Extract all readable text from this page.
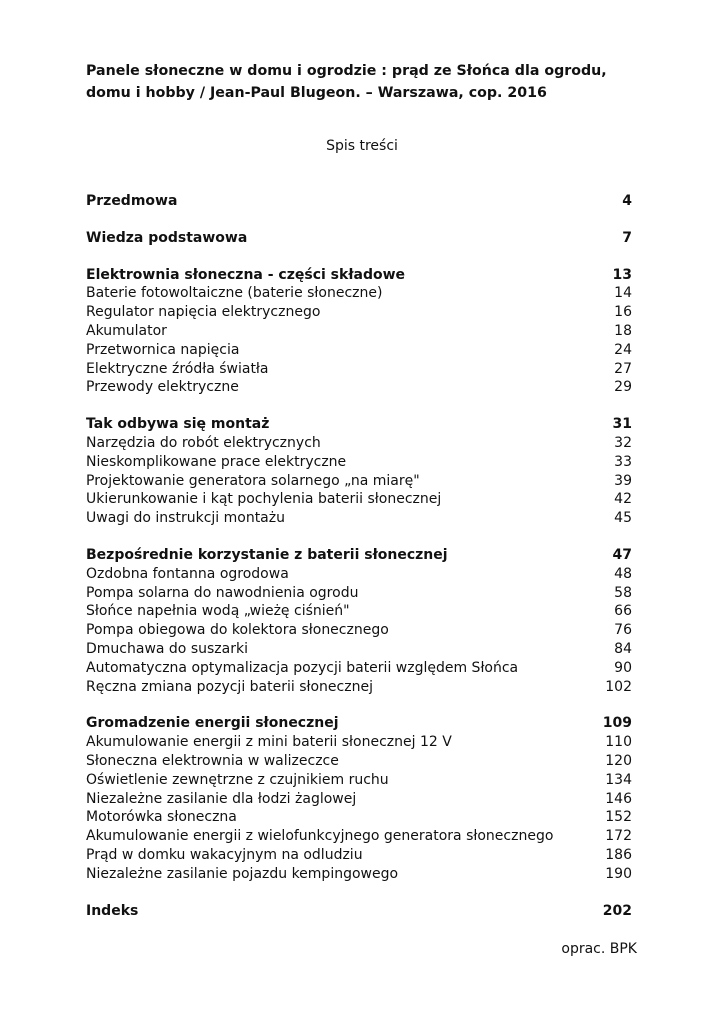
Panele słoneczne w domu i ogrodzie : prąd ze Słońca dla ogrodu, domu i hobby / Jean-Paul Blugeon. – Warszawa, cop. 2016

Spis treści

Przedmowa	4
Wiedza podstawowa	7
Elektrownia słoneczna - części składowe	13
Baterie fotowoltaiczne (baterie słoneczne)	14
Regulator napięcia elektrycznego	16
Akumulator	18
Przetwornica napięcia	24
Elektryczne źródła światła	27
Przewody elektryczne	29
Tak odbywa się montaż	31
Narzędzia do robót elektrycznych	32
Nieskomplikowane prace elektryczne	33
Projektowanie generatora solarnego „na miarę"	39
Ukierunkowanie i kąt pochylenia baterii słonecznej	42
Uwagi do instrukcji montażu	45
Bezpośrednie korzystanie z baterii słonecznej	47
Ozdobna fontanna ogrodowa	48
Pompa solarna do nawodnienia ogrodu	58
Słońce napełnia wodą „wieżę ciśnień"	66
Pompa obiegowa do kolektora słonecznego	76
Dmuchawa do suszarki	84
Automatyczna optymalizacja pozycji baterii względem Słońca	90
Ręczna zmiana pozycji baterii słonecznej	102
Gromadzenie energii słonecznej	109
Akumulowanie energii z mini baterii słonecznej 12 V	110
Słoneczna elektrownia w walizeczce	120
Oświetlenie zewnętrzne z czujnikiem ruchu	134
Niezależne zasilanie dla łodzi żaglowej	146
Motorówka słoneczna	152
Akumulowanie energii z wielofunkcyjnego generatora słonecznego	172
Prąd w domku wakacyjnym na odludziu	186
Niezależne zasilanie pojazdu kempingowego	190
Indeks	202

oprac. BPK
